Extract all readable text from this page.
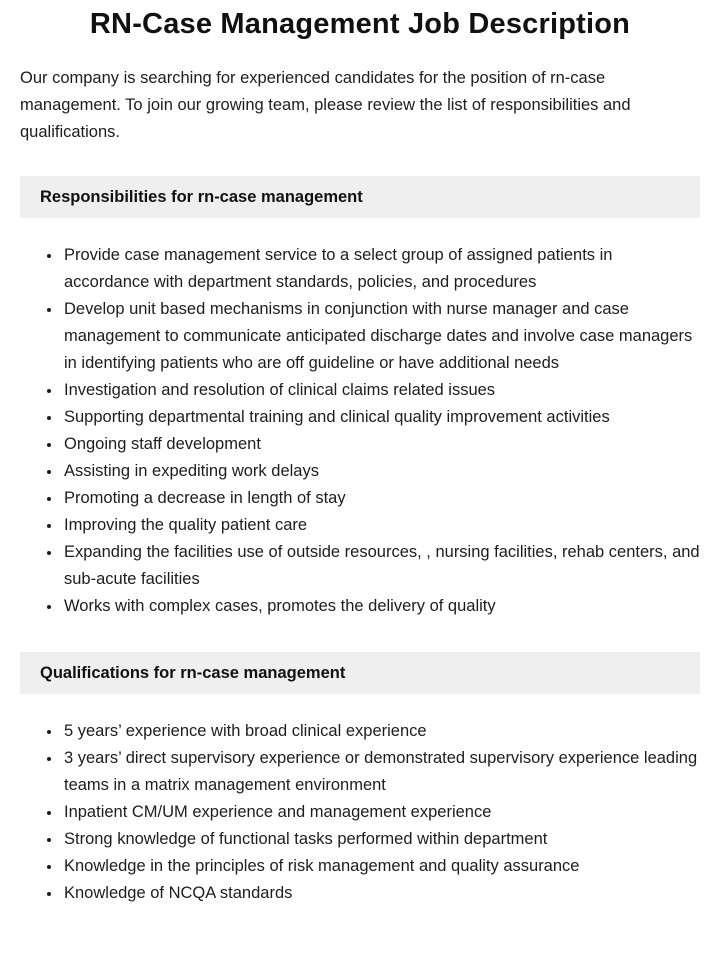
RN-Case Management Job Description

Our company is searching for experienced candidates for the position of rn-case management. To join our growing team, please review the list of responsibilities and qualifications.

Responsibilities for rn-case management
• Provide case management service to a select group of assigned patients in accordance with department standards, policies, and procedures
• Develop unit based mechanisms in conjunction with nurse manager and case management to communicate anticipated discharge dates and involve case managers in identifying patients who are off guideline or have additional needs
• Investigation and resolution of clinical claims related issues
• Supporting departmental training and clinical quality improvement activities
• Ongoing staff development
• Assisting in expediting work delays
• Promoting a decrease in length of stay
• Improving the quality patient care
• Expanding the facilities use of outside resources, , nursing facilities, rehab centers, and sub-acute facilities
• Works with complex cases, promotes the delivery of quality
Qualifications for rn-case management
• 5 years’ experience with broad clinical experience
• 3 years’ direct supervisory experience or demonstrated supervisory experience leading teams in a matrix management environment
• Inpatient CM/UM experience and management experience
• Strong knowledge of functional tasks performed within department
• Knowledge in the principles of risk management and quality assurance
• Knowledge of NCQA standards
